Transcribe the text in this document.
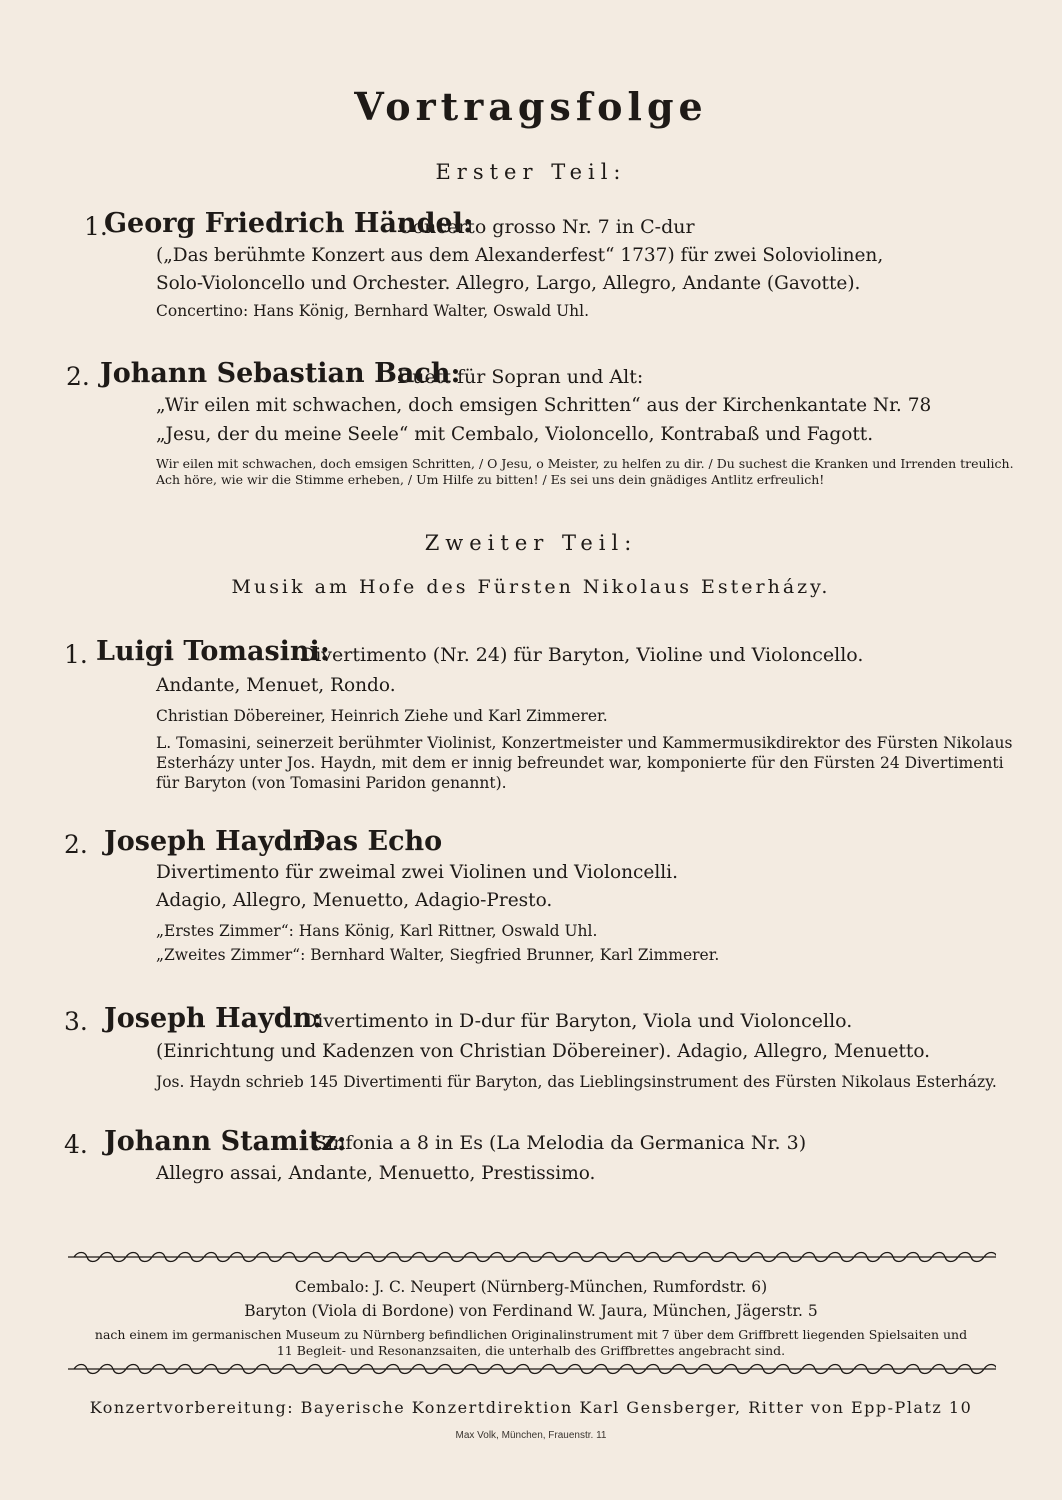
Vortragsfolge
Erster Teil:
1.
Georg Friedrich Händel:
Concerto grosso Nr. 7 in C-dur
(„Das berühmte Konzert aus dem Alexanderfest“ 1737) für zwei Soloviolinen,
Solo-Violoncello und Orchester. Allegro, Largo, Allegro, Andante (Gavotte).
Concertino: Hans König, Bernhard Walter, Oswald Uhl.
2. Johann Sebastian Bach:
Duett für Sopran und Alt:
„Wir eilen mit schwachen, doch emsigen Schritten“ aus der Kirchenkantate Nr. 78
„Jesu, der du meine Seele“ mit Cembalo, Violoncello, Kontrabaß und Fagott.
Wir eilen mit schwachen, doch emsigen Schritten, / O Jesu, o Meister, zu helfen zu dir. / Du suchest die Kranken und Irrenden treulich.
Ach höre, wie wir die Stimme erheben, / Um Hilfe zu bitten! / Es sei uns dein gnädiges Antlitz erfreulich!
Zweiter Teil:
Musik am Hofe des Fürsten Nikolaus Esterházy.
1. Luigi Tomasini:
Divertimento (Nr. 24) für Baryton, Violine und Violoncello.
Andante, Menuet, Rondo.
Christian Döbereiner, Heinrich Ziehe und Karl Zimmerer.
L. Tomasini, seinerzeit berühmter Violinist, Konzertmeister und Kammermusikdirektor des Fürsten Nikolaus
Esterházy unter Jos. Haydn, mit dem er innig befreundet war, komponierte für den Fürsten 24 Divertimenti
für Baryton (von Tomasini Paridon genannt).
2. Joseph Haydn:
Das Echo
Divertimento für zweimal zwei Violinen und Violoncelli.
Adagio, Allegro, Menuetto, Adagio-Presto.
„Erstes Zimmer“: Hans König, Karl Rittner, Oswald Uhl.
„Zweites Zimmer“: Bernhard Walter, Siegfried Brunner, Karl Zimmerer.
3. Joseph Haydn:
Divertimento in D-dur für Baryton, Viola und Violoncello.
(Einrichtung und Kadenzen von Christian Döbereiner). Adagio, Allegro, Menuetto.
Jos. Haydn schrieb 145 Divertimenti für Baryton, das Lieblingsinstrument des Fürsten Nikolaus Esterházy.
4. Johann Stamitz:
Sinfonia a 8 in Es (La Melodia da Germanica Nr. 3)
Allegro assai, Andante, Menuetto, Prestissimo.
Cembalo: J. C. Neupert (Nürnberg-München, Rumfordstr. 6)
Baryton (Viola di Bordone) von Ferdinand W. Jaura, München, Jägerstr. 5
nach einem im germanischen Museum zu Nürnberg befindlichen Originalinstrument mit 7 über dem Griffbrett liegenden Spielsaiten und
11 Begleit- und Resonanzsaiten, die unterhalb des Griffbrettes angebracht sind.
Konzertvorbereitung: Bayerische Konzertdirektion Karl Gensberger, Ritter von Epp-Platz 10
Max Volk, München, Frauenstr. 11
